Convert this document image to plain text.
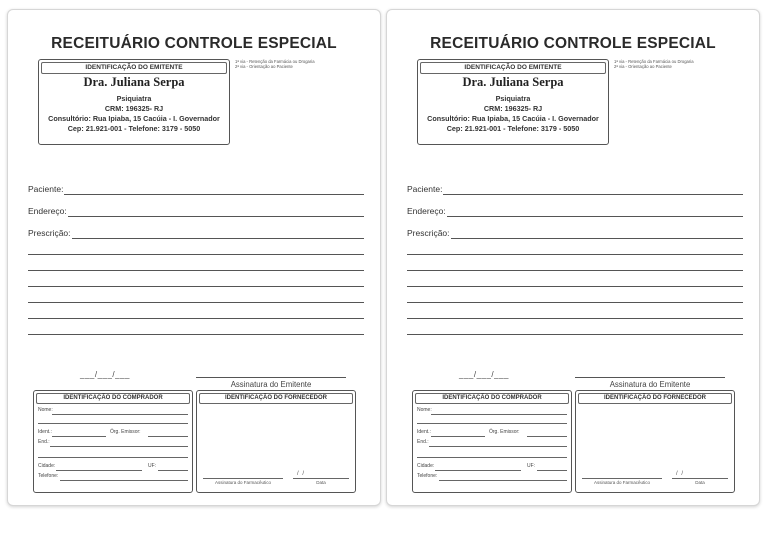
RECEITUÁRIO CONTROLE ESPECIAL
IDENTIFICAÇÃO DO EMITENTE
Dra. Juliana Serpa
Psiquiatra
CRM: 196325- RJ
Consultório: Rua Ipiaba, 15 Cacúia - I. Governador
Cep: 21.921-001 - Telefone: 3179 - 5050
1ª via - Retenção da Farmácia ou Drogaria
2ª via - Orientação ao Paciente
Paciente:
Endereço:
Prescrição:
___/___/___
Assinatura do Emitente
IDENTIFICAÇÃO DO COMPRADOR
Nome:
Ident.:	Órg. Emissor:
End.:
Cidade:	UF:
Telefone:
IDENTIFICAÇÃO DO FORNECEDOR
Assinatura do Farmacêutico
/ /
Data
RECEITUÁRIO CONTROLE ESPECIAL
IDENTIFICAÇÃO DO EMITENTE
Dra. Juliana Serpa
Psiquiatra
CRM: 196325- RJ
Consultório: Rua Ipiaba, 15 Cacúia - I. Governador
Cep: 21.921-001 - Telefone: 3179 - 5050
1ª via - Retenção da Farmácia ou Drogaria
2ª via - Orientação ao Paciente
Paciente:
Endereço:
Prescrição:
___/___/___
Assinatura do Emitente
IDENTIFICAÇÃO DO COMPRADOR
Nome:
Ident.:	Órg. Emissor:
End.:
Cidade:	UF:
Telefone:
IDENTIFICAÇÃO DO FORNECEDOR
Assinatura do Farmacêutico
/ /
Data
